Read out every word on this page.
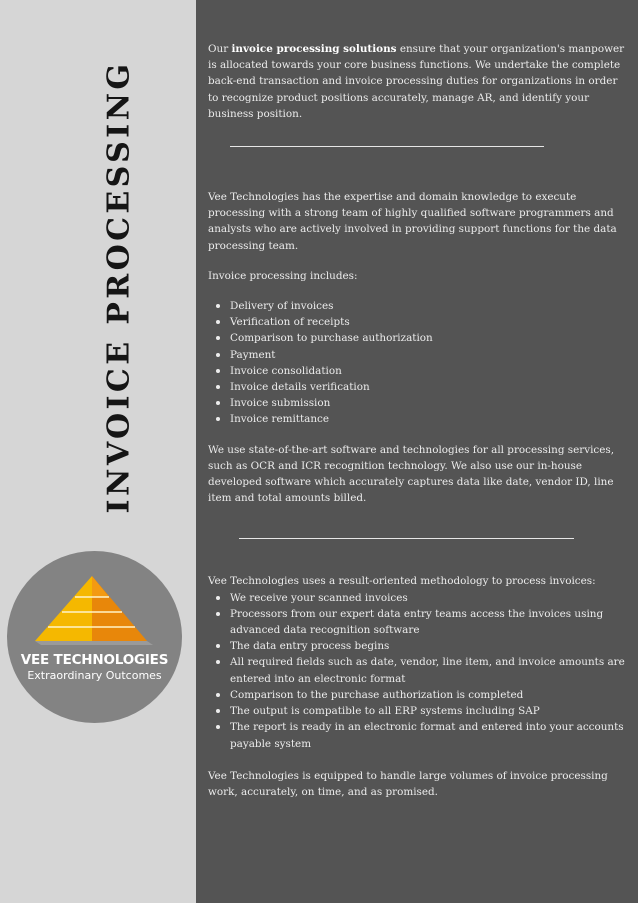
INVOICE PROCESSING
VEE TECHNOLOGIES
Extraordinary Outcomes

Our invoice processing solutions ensure that your organization's manpower is allocated towards your core business functions. We undertake the complete back-end transaction and invoice processing duties for organizations in order to recognize product positions accurately, manage AR, and identify your business position.

Vee Technologies has the expertise and domain knowledge to execute processing with a strong team of highly qualified software programmers and analysts who are actively involved in providing support functions for the data processing team.

Invoice processing includes:

Delivery of invoices
Verification of receipts
Comparison to purchase authorization
Payment
Invoice consolidation
Invoice details verification
Invoice submission
Invoice remittance

We use state-of-the-art software and technologies for all processing services, such as OCR and ICR recognition technology. We also use our in-house developed software which accurately captures data like date, vendor ID, line item and total amounts billed.

Vee Technologies uses a result-oriented methodology to process invoices:

We receive your scanned invoices
Processors from our expert data entry teams access the invoices using advanced data recognition software
The data entry process begins
All required fields such as date, vendor, line item, and invoice amounts are entered into an electronic format
Comparison to the purchase authorization is completed
The output is compatible to all ERP systems including SAP
The report is ready in an electronic format and entered into your accounts payable system

Vee Technologies is equipped to handle large volumes of invoice processing work, accurately, on time, and as promised.
